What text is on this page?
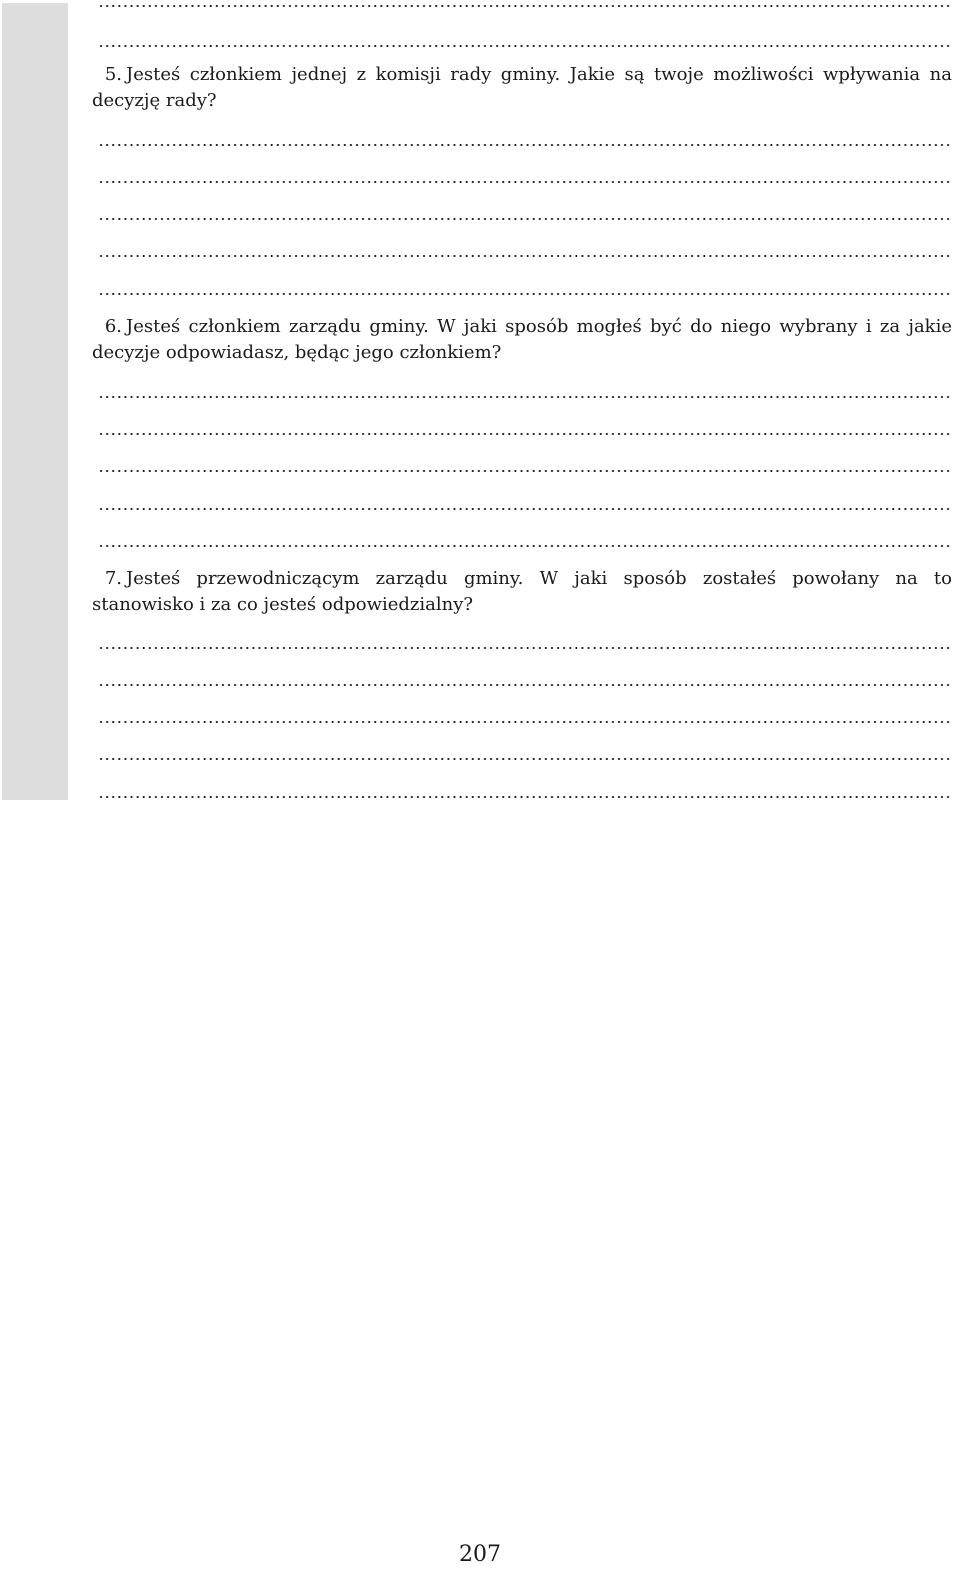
5. Jesteś członkiem jednej z komisji rady gminy. Jakie są twoje możliwości wpływania na decyzję rady?

6. Jesteś członkiem zarządu gminy. W jaki sposób mogłeś być do niego wybrany i za jakie decyzje odpowiadasz, będąc jego członkiem?

7. Jesteś przewodniczącym zarządu gminy. W jaki sposób zostałeś powołany na to stanowisko i za co jesteś odpowiedzialny?

207
